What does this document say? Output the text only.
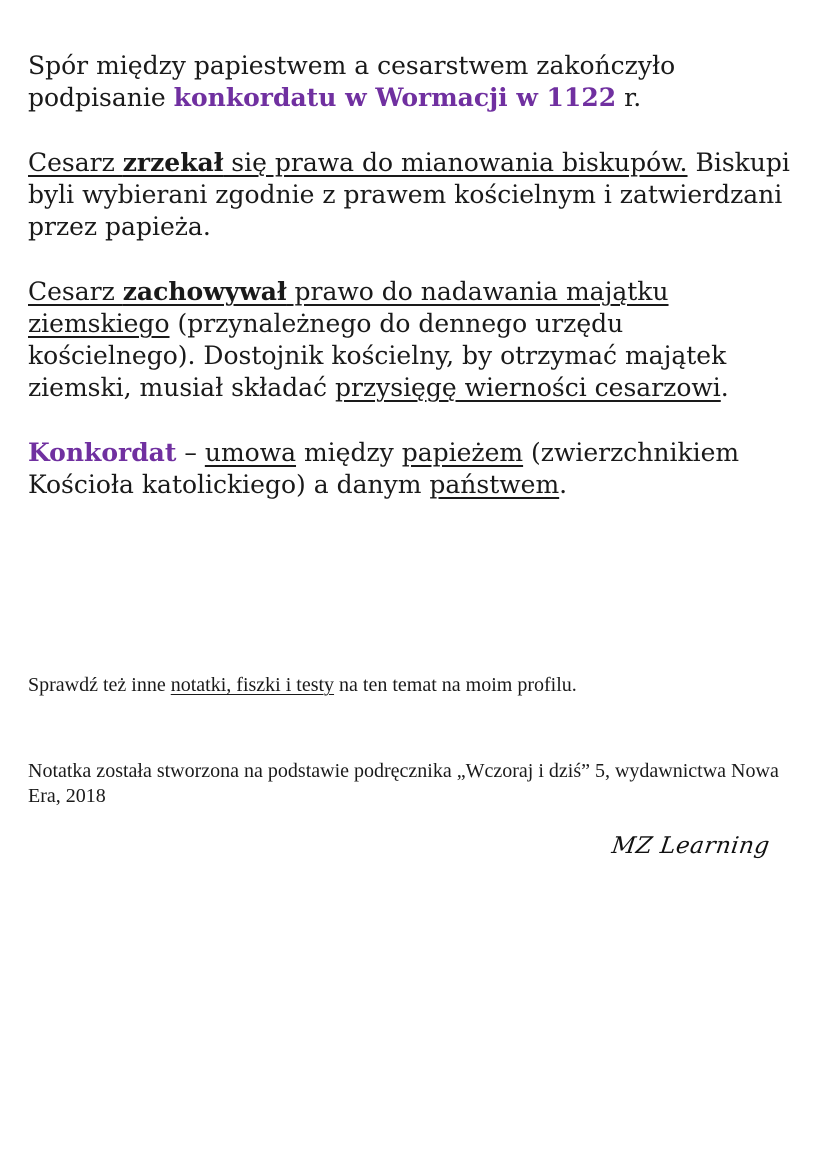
Spór między papiestwem a cesarstwem zakończyło podpisanie konkordatu w Wormacji w 1122 r.

Cesarz zrzekał się prawa do mianowania biskupów. Biskupi byli wybierani zgodnie z prawem kościelnym i zatwierdzani przez papieża.

Cesarz zachowywał prawo do nadawania majątku ziemskiego (przynależnego do dennego urzędu kościelnego). Dostojnik kościelny, by otrzymać majątek ziemski, musiał składać przysięgę wierności cesarzowi.

Konkordat – umowa między papieżem (zwierzchnikiem Kościoła katolickiego) a danym państwem.

Sprawdź też inne notatki, fiszki i testy na ten temat na moim profilu.
Notatka została stworzona na podstawie podręcznika „Wczoraj i dziś” 5, wydawnictwa Nowa Era, 2018
MZ Learning
